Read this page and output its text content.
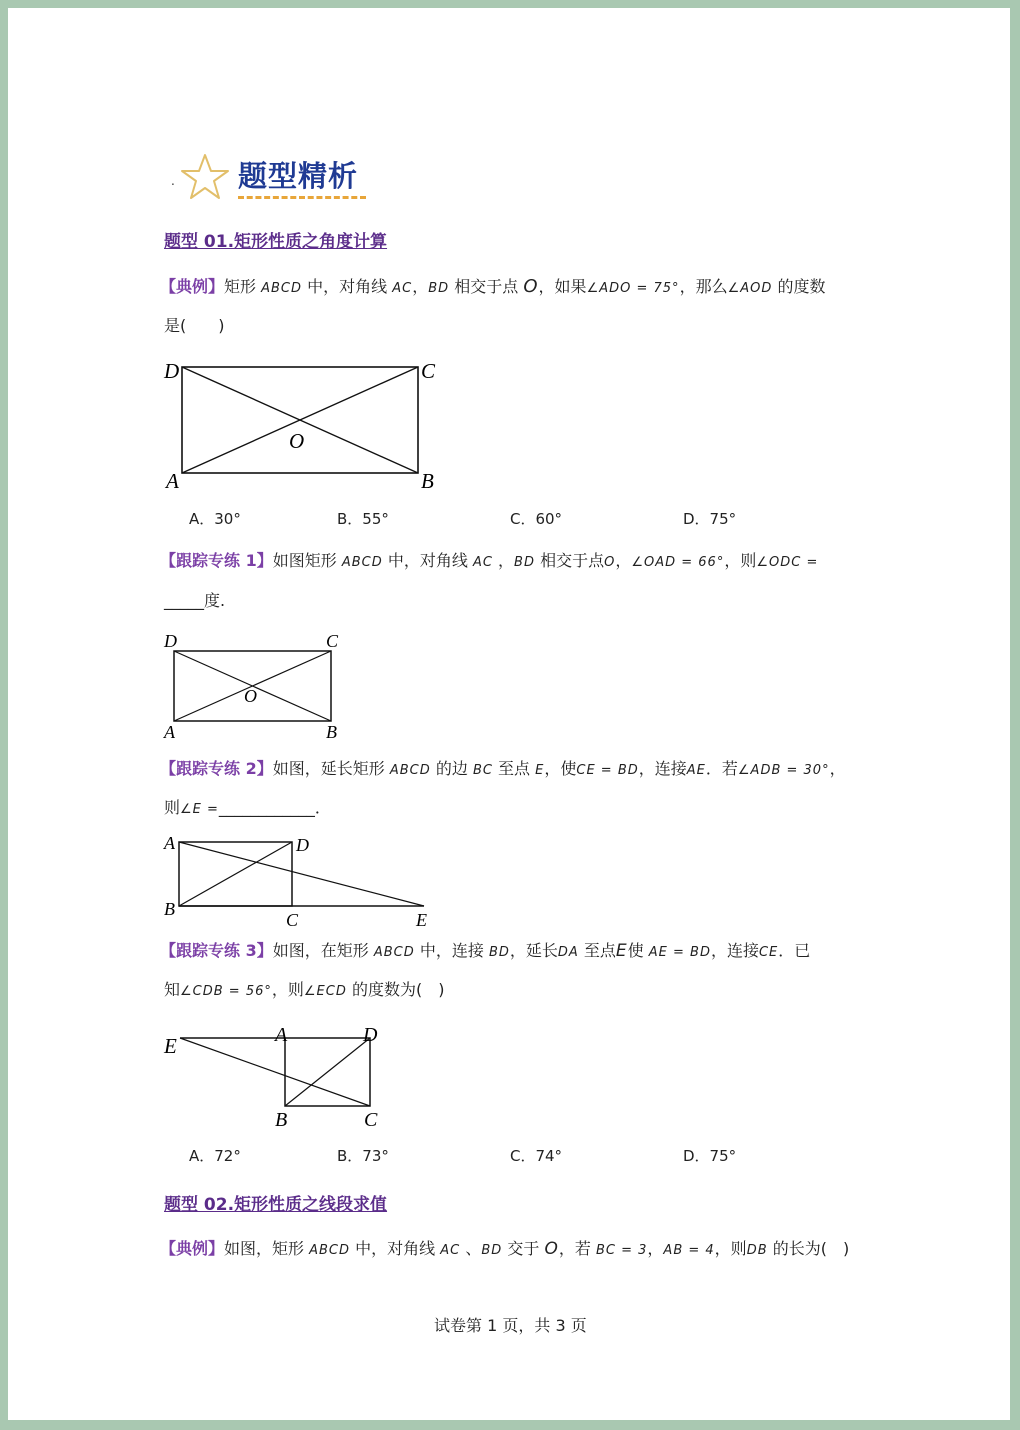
. 题型精析
题型 01.矩形性质之角度计算
【典例】矩形 ABCD 中，对角线 AC，BD 相交于点 O，如果∠ADO = 75°，那么∠AOD 的度数
是(　　)
D	C
O
A	B
A．30°	B．55°	C．60°	D．75°
【跟踪专练 1】如图矩形 ABCD 中，对角线 AC ，BD 相交于点O，∠OAD = 66°，则∠ODC =
_____度.
D	C
O
A	B
【跟踪专练 2】如图，延长矩形 ABCD 的边 BC 至点 E，使CE = BD，连接AE．若∠ADB = 30°，
则∠E =____________．
A	D
B
C	E
【跟踪专练 3】如图，在矩形 ABCD 中，连接 BD，延长DA 至点E使 AE = BD，连接CE．已
知∠CDB = 56°，则∠ECD 的度数为(　)
E	A	D
B	C
A．72°	B．73°	C．74°	D．75°
题型 02.矩形性质之线段求值
【典例】如图，矩形 ABCD 中，对角线 AC 、BD 交于 O，若 BC = 3，AB = 4，则DB 的长为(　)
试卷第 1 页，共 3 页
